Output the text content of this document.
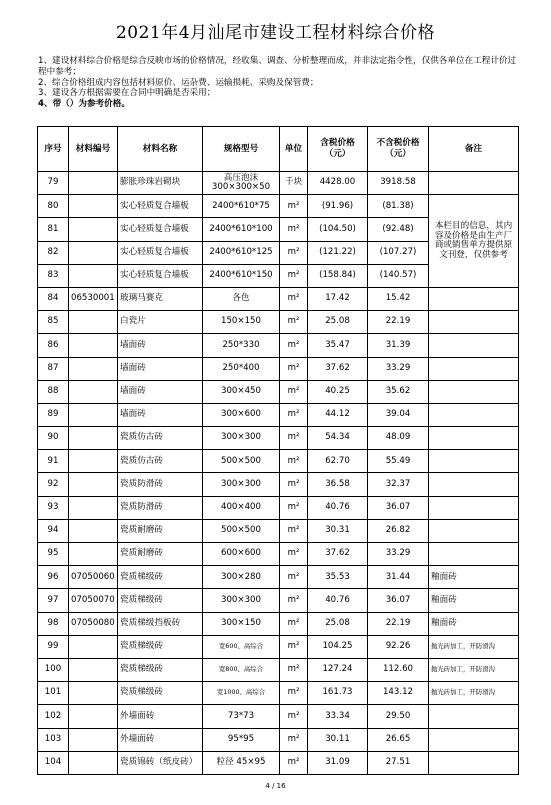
2021年4月汕尾市建设工程材料综合价格
1、建设材料综合价格是综合反映市场的价格情况，经收集、调查、分析整理而成，并非法定指令性，仅供各单位在工程计价过程中参考；
2、综合价格组成内容包括材料原价、运杂费、运输损耗、采购及保管费；
3、建设各方根据需要在合同中明确是否采用；
4、带（）为参考价格。
序号	材料编号	材料名称	规格型号	单位	含税价格（元）	不含税价格（元）	备注
79		膨胀珍珠岩砌块	高压泡沫300×300×50	千块	4428.00	3918.58	
80		实心轻质复合墙板	2400*610*75	m²	(91.96)	(81.38)	本栏目的信息，其内容及价格是由生产厂商或销售单方提供原文刊登，仅供参考
81		实心轻质复合墙板	2400*610*100	m²	(104.50)	(92.48)	
82		实心轻质复合墙板	2400*610*125	m²	(121.22)	(107.27)	
83		实心轻质复合墙板	2400*610*150	m²	(158.84)	(140.57)	
84	06530001	玻璃马赛克	各色	m²	17.42	15.42	
85		白瓷片	150×150	m²	25.08	22.19	
86		墙面砖	250*330	m²	35.47	31.39	
87		墙面砖	250*400	m²	37.62	33.29	
88		墙面砖	300×450	m²	40.25	35.62	
89		墙面砖	300×600	m²	44.12	39.04	
90		瓷质仿古砖	300×300	m²	54.34	48.09	
91		瓷质仿古砖	500×500	m²	62.70	55.49	
92		瓷质防滑砖	300×300	m²	36.58	32.37	
93		瓷质防滑砖	400×400	m²	40.76	36.07	
94		瓷质耐磨砖	500×500	m²	30.31	26.82	
95		瓷质耐磨砖	600×600	m²	37.62	33.29	
96	07050060	瓷质梯级砖	300×280	m²	35.53	31.44	釉面砖
97	07050070	瓷质梯级砖	300×300	m²	40.76	36.07	釉面砖
98	07050080	瓷质梯级挡板砖	300×150	m²	25.08	22.19	釉面砖
99		瓷质梯级砖	宽600、高综合	m²	104.25	92.26	抛光砖加工，开防滑沟
100		瓷质梯级砖	宽800、高综合	m²	127.24	112.60	抛光砖加工，开防滑沟
101		瓷质梯级砖	宽1000、高综合	m²	161.73	143.12	抛光砖加工，开防滑沟
102		外墙面砖	73*73	m²	33.34	29.50	
103		外墙面砖	95*95	m²	30.11	26.65	
104		瓷质锦砖（纸皮砖）	粒径 45×95	m²	31.09	27.51	
4 / 16
